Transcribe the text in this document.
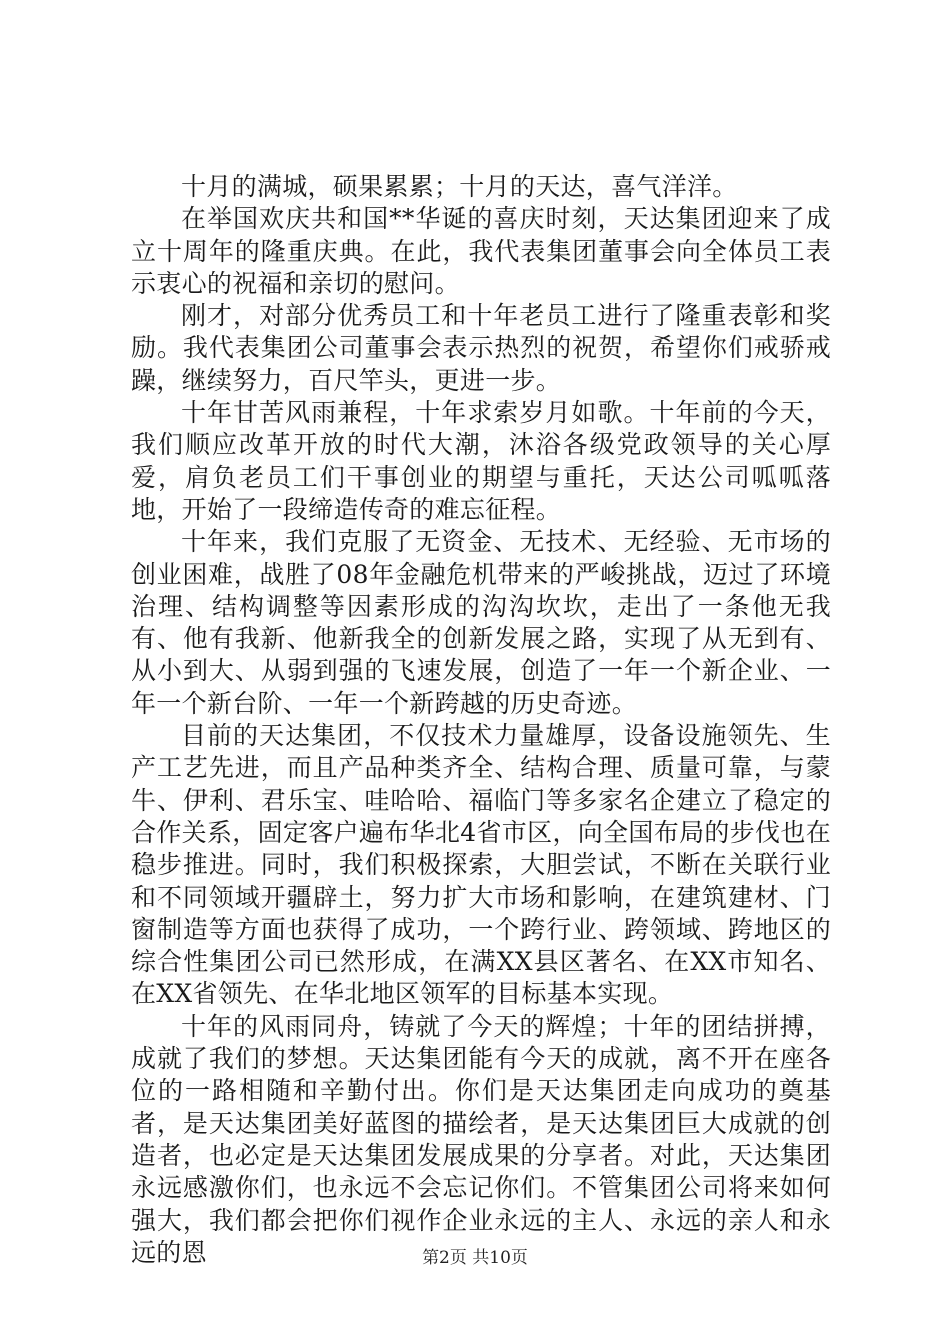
十月的满城，硕果累累；十月的天达，喜气洋洋。

在举国欢庆共和国**华诞的喜庆时刻，天达集团迎来了成立十周年的隆重庆典。在此，我代表集团董事会向全体员工表示衷心的祝福和亲切的慰问。

刚才，对部分优秀员工和十年老员工进行了隆重表彰和奖励。我代表集团公司董事会表示热烈的祝贺，希望你们戒骄戒躁，继续努力，百尺竿头，更进一步。

十年甘苦风雨兼程，十年求索岁月如歌。十年前的今天，我们顺应改革开放的时代大潮，沐浴各级党政领导的关心厚爱，肩负老员工们干事创业的期望与重托，天达公司呱呱落地，开始了一段缔造传奇的难忘征程。

十年来，我们克服了无资金、无技术、无经验、无市场的创业困难，战胜了08年金融危机带来的严峻挑战，迈过了环境治理、结构调整等因素形成的沟沟坎坎，走出了一条他无我有、他有我新、他新我全的创新发展之路，实现了从无到有、从小到大、从弱到强的飞速发展，创造了一年一个新企业、一年一个新台阶、一年一个新跨越的历史奇迹。

目前的天达集团，不仅技术力量雄厚，设备设施领先、生产工艺先进，而且产品种类齐全、结构合理、质量可靠，与蒙牛、伊利、君乐宝、哇哈哈、福临门等多家名企建立了稳定的合作关系，固定客户遍布华北4省市区，向全国布局的步伐也在稳步推进。同时，我们积极探索，大胆尝试，不断在关联行业和不同领域开疆辟土，努力扩大市场和影响，在建筑建材、门窗制造等方面也获得了成功，一个跨行业、跨领域、跨地区的综合性集团公司已然形成，在满XX县区著名、在XX市知名、在XX省领先、在华北地区领军的目标基本实现。

十年的风雨同舟，铸就了今天的辉煌；十年的团结拼搏，成就了我们的梦想。天达集团能有今天的成就，离不开在座各位的一路相随和辛勤付出。你们是天达集团走向成功的奠基者，是天达集团美好蓝图的描绘者，是天达集团巨大成就的创造者，也必定是天达集团发展成果的分享者。对此，天达集团永远感激你们，也永远不会忘记你们。不管集团公司将来如何强大，我们都会把你们视作企业永远的主人、永远的亲人和永远的恩	第2页 共10页
